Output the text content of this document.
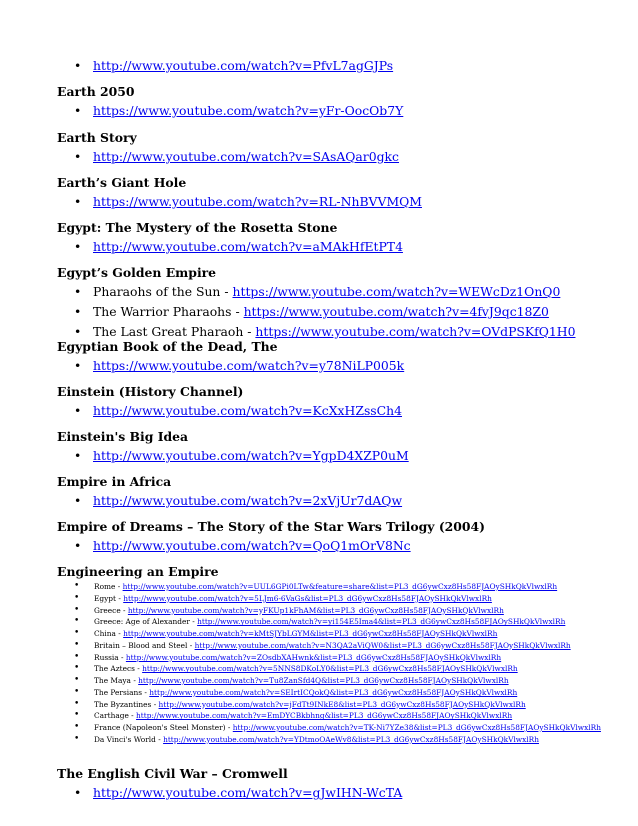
• http://www.youtube.com/watch?v=PfvL7agGJPs
Earth 2050
• https://www.youtube.com/watch?v=yFr-OocOb7Y
Earth Story
• http://www.youtube.com/watch?v=SAsAQar0gkc
Earth’s Giant Hole
• https://www.youtube.com/watch?v=RL-NhBVVMQM
Egypt: The Mystery of the Rosetta Stone
• http://www.youtube.com/watch?v=aMAkHfEtPT4
Egypt’s Golden Empire
• Pharaohs of the Sun - https://www.youtube.com/watch?v=WEWcDz1OnQ0
• The Warrior Pharaohs - https://www.youtube.com/watch?v=4fvJ9qc18Z0
• The Last Great Pharaoh - https://www.youtube.com/watch?v=OVdPSKfQ1H0
Egyptian Book of the Dead, The
• https://www.youtube.com/watch?v=y78NiLP005k
Einstein (History Channel)
• http://www.youtube.com/watch?v=KcXxHZssCh4
Einstein's Big Idea
• http://www.youtube.com/watch?v=YgpD4XZP0uM
Empire in Africa
• http://www.youtube.com/watch?v=2xVjUr7dAQw
Empire of Dreams – The Story of the Star Wars Trilogy (2004)
• http://www.youtube.com/watch?v=QoQ1mOrV8Nc
Engineering an Empire
• Rome - http://www.youtube.com/watch?v=UUL6GPi0LTw&feature=share&list=PL3_dG6ywCxz8Hs58FJAOySHkQkVlwxlRh
• Egypt - http://www.youtube.com/watch?v=5LJm6-6VaGs&list=PL3_dG6ywCxz8Hs58FJAOySHkQkVlwxlRh
• Greece - http://www.youtube.com/watch?v=yFKUp1kFhAM&list=PL3_dG6ywCxz8Hs58FJAOySHkQkVlwxlRh
• Greece: Age of Alexander - http://www.youtube.com/watch?v=yi154E5Ima4&list=PL3_dG6ywCxz8Hs58FJAOySHkQkVlwxlRh
• China - http://www.youtube.com/watch?v=kMtSJYbLGYM&list=PL3_dG6ywCxz8Hs58FJAOySHkQkVlwxlRh
• Britain – Blood and Steel - http://www.youtube.com/watch?v=N3QA2aViQW0&list=PL3_dG6ywCxz8Hs58FJAOySHkQkVlwxlRh
• Russia - http://www.youtube.com/watch?v=ZOsdbXAHwnk&list=PL3_dG6ywCxz8Hs58FJAOySHkQkVlwxlRh
• The Aztecs - http://www.youtube.com/watch?v=5NNS8DKoLY0&list=PL3_dG6ywCxz8Hs58FJAOySHkQkVlwxlRh
• The Maya - http://www.youtube.com/watch?v=Tu8ZanSfd4Q&list=PL3_dG6ywCxz8Hs58FJAOySHkQkVlwxlRh
• The Persians - http://www.youtube.com/watch?v=SEIrtICQokQ&list=PL3_dG6ywCxz8Hs58FJAOySHkQkVlwxlRh
• The Byzantines - http://www.youtube.com/watch?v=jFdTt9INkE8&list=PL3_dG6ywCxz8Hs58FJAOySHkQkVlwxlRh
• Carthage - http://www.youtube.com/watch?v=EmDYCBkbhng&list=PL3_dG6ywCxz8Hs58FJAOySHkQkVlwxlRh
• France (Napoleon's Steel Monster) - http://www.youtube.com/watch?v=TK-Ni7YZe38&list=PL3_dG6ywCxz8Hs58FJAOySHkQkVlwxlRh
• Da Vinci's World - http://www.youtube.com/watch?v=YDtmoOAeWv8&list=PL3_dG6ywCxz8Hs58FJAOySHkQkVlwxlRh
The English Civil War – Cromwell
• http://www.youtube.com/watch?v=gJwIHN-WcTA
